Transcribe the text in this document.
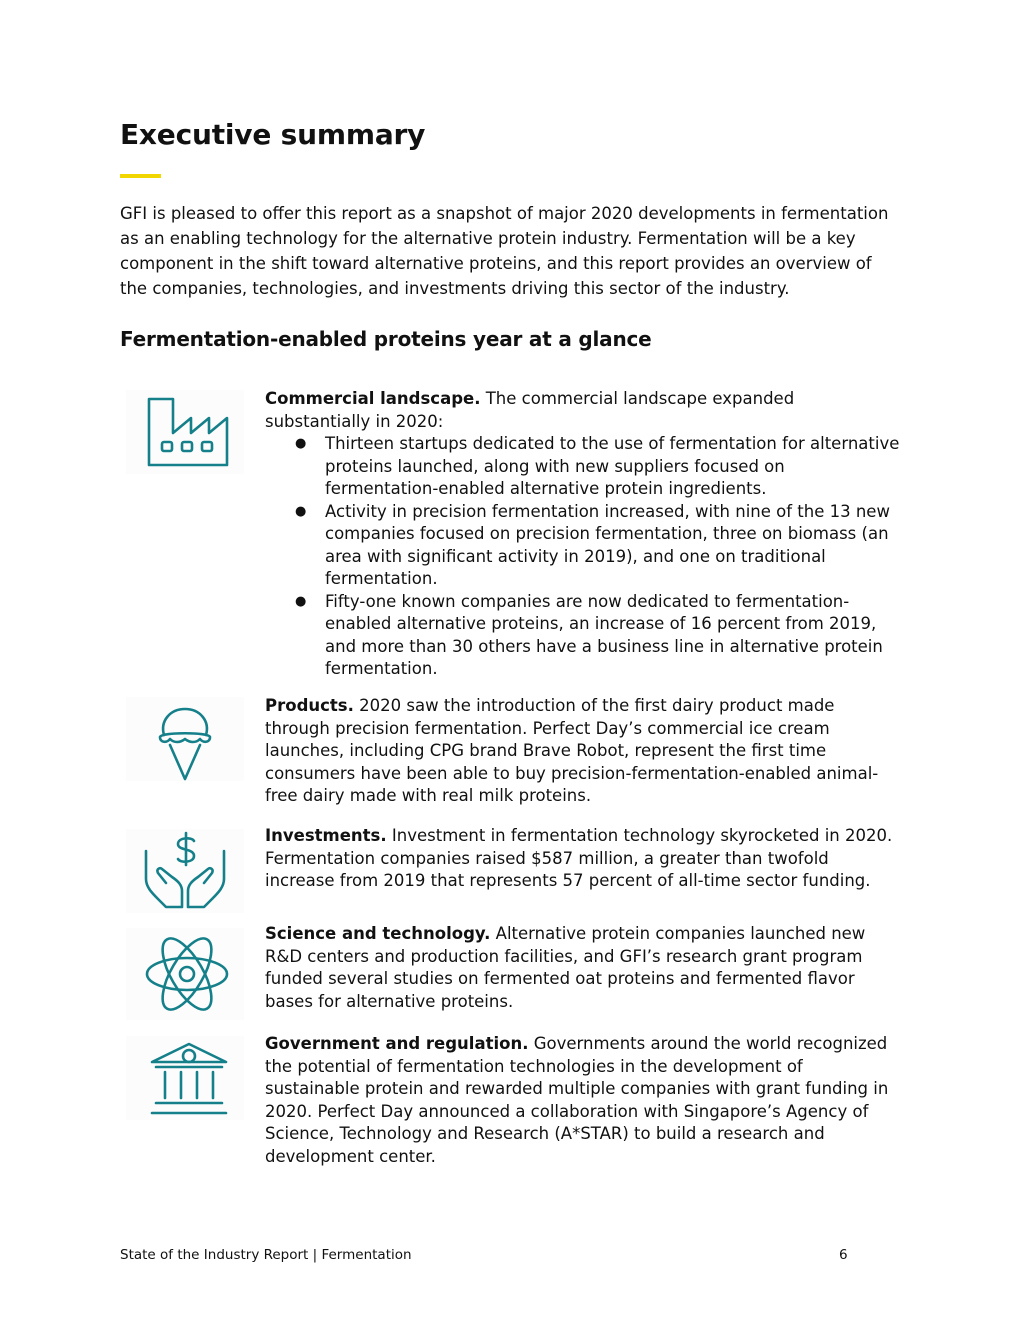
Executive summary

GFI is pleased to offer this report as a snapshot of major 2020 developments in fermentation as an enabling technology for the alternative protein industry. Fermentation will be a key component in the shift toward alternative proteins, and this report provides an overview of the companies, technologies, and investments driving this sector of the industry.

Fermentation-enabled proteins year at a glance
Commercial landscape. The commercial landscape expanded substantially in 2020:
● Thirteen startups dedicated to the use of fermentation for alternative proteins launched, along with new suppliers focused on fermentation-enabled alternative protein ingredients.
● Activity in precision fermentation increased, with nine of the 13 new companies focused on precision fermentation, three on biomass (an area with significant activity in 2019), and one on traditional fermentation.
● Fifty-one known companies are now dedicated to fermentation-enabled alternative proteins, an increase of 16 percent from 2019, and more than 30 others have a business line in alternative protein fermentation.

Products. 2020 saw the introduction of the first dairy product made through precision fermentation. Perfect Day’s commercial ice cream launches, including CPG brand Brave Robot, represent the first time consumers have been able to buy precision-fermentation-enabled animal-free dairy made with real milk proteins.

Investments. Investment in fermentation technology skyrocketed in 2020. Fermentation companies raised $587 million, a greater than twofold increase from 2019 that represents 57 percent of all-time sector funding.

Science and technology. Alternative protein companies launched new R&D centers and production facilities, and GFI’s research grant program funded several studies on fermented oat proteins and fermented flavor bases for alternative proteins.

Government and regulation. Governments around the world recognized the potential of fermentation technologies in the development of sustainable protein and rewarded multiple companies with grant funding in 2020. Perfect Day announced a collaboration with Singapore’s Agency of Science, Technology and Research (A*STAR) to build a research and development center.

State of the Industry Report | Fermentation	6
